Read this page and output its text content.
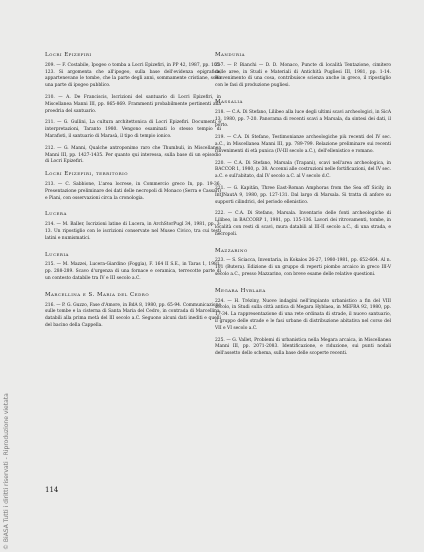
Locri Epizefiri
209. — F. Costabile, Ipogeo o tomba a Locri Epizefiri, in PP 42, 1987, pp. 105-123. Si argomenta che all'ipogeo, sulla base dell'evidenza epigrafica, appartenevano le tombe, che la parte degli anni, sommamente cristiane, sono una parte di ipogeo pubblico.
210. — A. De Franciscis, Iscrizioni del santuario di Locri Epizefiri, in Miscellanea Manni III, pp. 865-869. Frammenti probabilmente pertinenti alla proedria del santuario.
211. — G. Gullini, La cultura architettonica di Locri Epizefiri. Documenti e interpretazioni, Taranto 1980. Vengono esaminati lo stesso tempio di Marafioti, il santuario di Marasà, il tipo di tempio ionico.
212. — G. Manni, Qualche antroponimo raro che Thumbuli, in Miscellanea Manni III, pp. 1427-1435. Per quanto qui interessa, sulla base di un episodio di Locri Epizefiri.
Locri Epizefiri, territorio
213. — C. Sabbione, L'area locrese, in Commercio greco In, pp. 19-36. Presentazione preliminare dei dati delle necropoli di Monaco (Serra e Cassari) e Piani, con osservazioni circa la cronologia.
Lucera
214. — M. Baller, Iscrizioni latine di Lucera, in ArchStorPugl 34, 1981, pp. 3-13. Un ripostiglio con le iscrizioni conservate nel Museo Civico, tra cui testi latini e numismatici.
Luceria
215. — M. Mazzei, Lucera-Giardino (Foggia), F. 164 II S.E., in Taras 1, 1981, pp. 288-289. Scavo d'urgenza di una fornace e ceramica, terrecotte parte di un contesto databile tra IV e III secolo a.C.
Marcellina e S. Maria del Cedro
216. — P. G. Guzzo, Fase d'Amore, in BdA 8, 1980, pp. 65-94. Communicazione sulle tombe e la cisterna di Santa Maria del Cedro, in contrada di Marcellina, databili alla prima metà del III secolo a.C. Seguono alcuni dati inediti e quelli del bacino della Cappella.
Manduria
217. — P. Bianchi — D. D. Monaco, Puncte di località Tentazione, cimitero delle aree, in Studi e Materiali di Antichità Pugliesi III, 1981, pp. 1-14. Rinvenimento di una cosa, contribuisce scienza anche in greco, il ripostiglio con le fasi di produzione pugliesi.
Massalia
218. — C.A. Di Stefano, Lilibeo alla luce degli ultimi scavi archeologici, in SicA 13, 1980, pp. 7-20. Panorama di recenti scavi a Marsala, da sintesi dei dati, il porto.
219. — C.A. Di Stefano, Testimonianze archeologiche più recenti del IV sec. a.C., in Miscellanea Manni III, pp. 789-799. Relazione preliminare sui recenti rinvenimenti di età punica (IV-III secolo a.C.), dell'ellenistico e romano.
220. — C.A. Di Stefano, Marsala (Trapani), scavi nell'area archeologica, in BACCOR 1, 1980, p. 38. Accenni alle costruzioni nelle fortificazioni, del IV sec. a.C. e sull'abitato, dal IV secolo a.C. al V secolo d.C.
221. — G. Kapitän, Three East-Roman Amphoras from the Sea off Sicily, in IntJNautA 9, 1980, pp. 127-131. Dal largo di Marsala. Si tratta di anfore su supporti cilindrici, del periodo ellenistico.
222. — C.A. Di Stefano, Marsala. Inventario delle fonti archeologiche di Lilibeo, in BACCORP 1, 1981, pp. 135-136. Lavori dei ritrovamenti, tombe, in località con resti di scavi, mura databili al III-II secolo a.C., di una strada, e necropoli.
Mazzarino
223. — S. Sciacca, Inventaria, in Kokalos 26-27, 1980-1981, pp. 652-664. Al n. 101 (Butera). Edizione di un gruppo di reperti piombo arcaico in greco III-V secolo a.C., presso Mazzarino, con breve esame delle relative questioni.
Megara Hyblaea
224. — H. Tréziny, Nuove indagini nell'impianto urbanistico a fin del VIII secolo, in Studi sulla città antica di Megara Hyblaea, in MEFRA 92, 1980, pp. 17-34. La rappresentazione di una rete ordinata di strade, il nuovo santuario, il gruppo delle strade e le fasi urbane di distribuzione abitativa nel corso del VII e VI secolo a.C.
225. — G. Vallet, Problemi di urbanistica nella Megara arcaica, in Miscellanea Manni III, pp. 2071-2083. Identificazione, e riduzione, sui punti nodali dell'assetto dello schema, sulla base delle scoperte recenti.
114
© BiASA Tutti i diritti riservati - Riproduzione vietata
